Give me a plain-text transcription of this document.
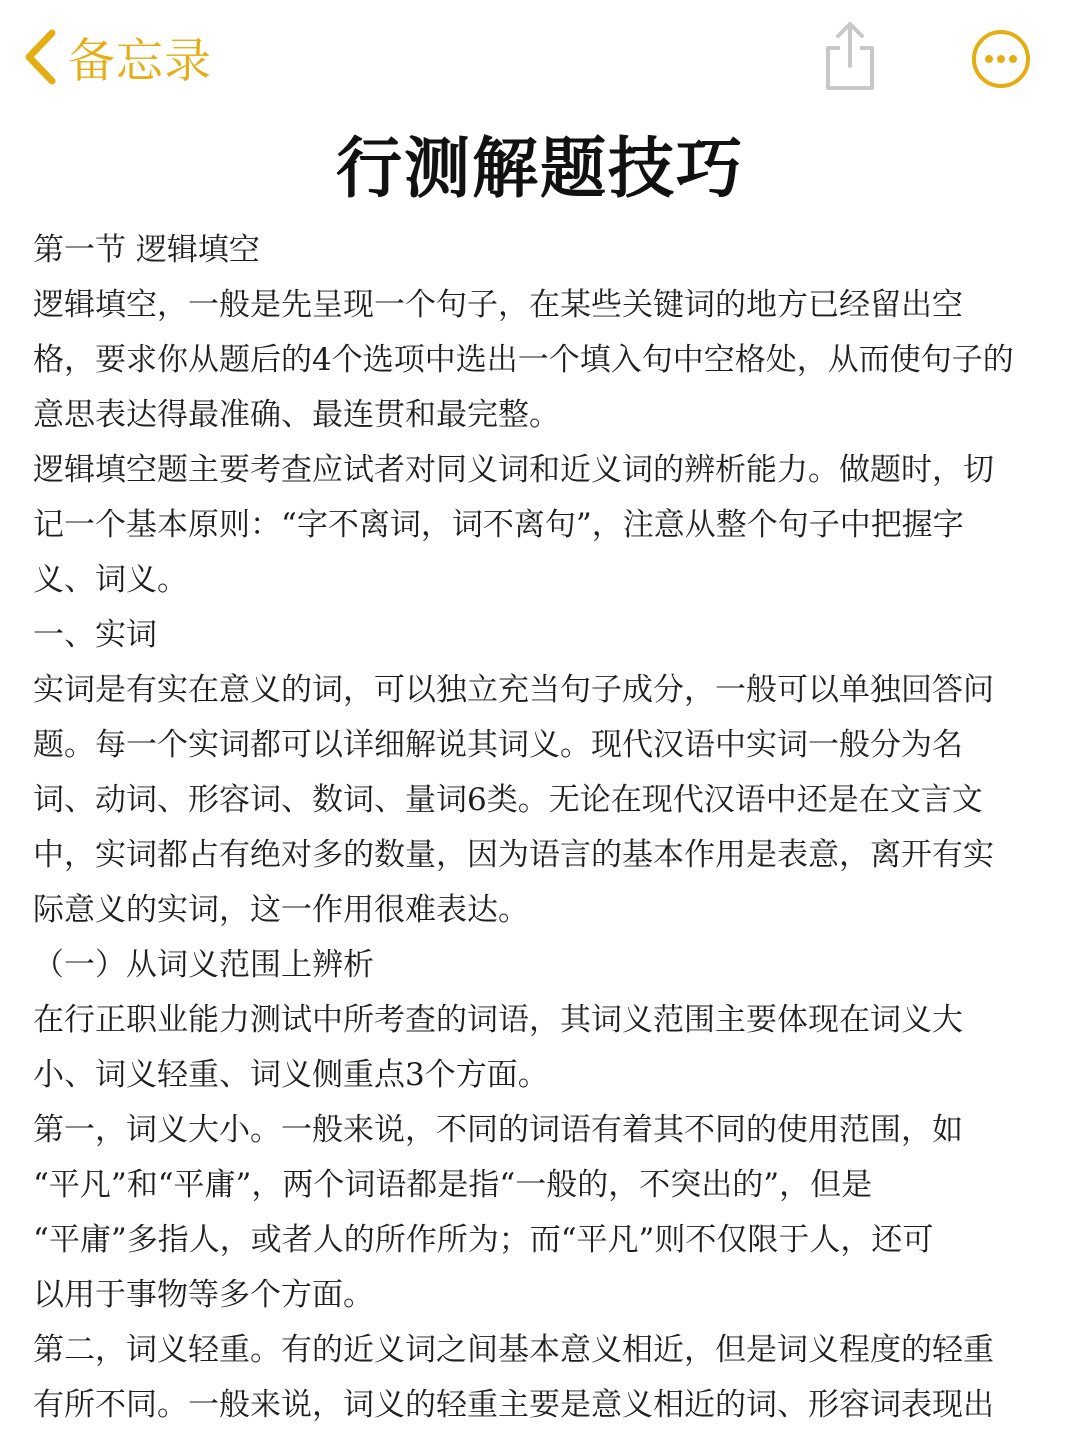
备忘录
行测解题技巧
第一节 逻辑填空
逻辑填空，一般是先呈现一个句子，在某些关键词的地方已经留出空
格，要求你从题后的4个选项中选出一个填入句中空格处，从而使句子的
意思表达得最准确、最连贯和最完整。
逻辑填空题主要考查应试者对同义词和近义词的辨析能力。做题时，切
记一个基本原则：“字不离词，词不离句”，注意从整个句子中把握字
义、词义。
一、实词
实词是有实在意义的词，可以独立充当句子成分，一般可以单独回答问
题。每一个实词都可以详细解说其词义。现代汉语中实词一般分为名
词、动词、形容词、数词、量词6类。无论在现代汉语中还是在文言文
中，实词都占有绝对多的数量，因为语言的基本作用是表意，离开有实
际意义的实词，这一作用很难表达。
（一）从词义范围上辨析
在行正职业能力测试中所考查的词语，其词义范围主要体现在词义大
小、词义轻重、词义侧重点3个方面。
第一，词义大小。一般来说，不同的词语有着其不同的使用范围，如
“平凡”和“平庸”，两个词语都是指“一般的，不突出的”，但是
“平庸”多指人，或者人的所作所为；而“平凡”则不仅限于人，还可
以用于事物等多个方面。
第二，词义轻重。有的近义词之间基本意义相近，但是词义程度的轻重
有所不同。一般来说，词义的轻重主要是意义相近的词、形容词表现出
